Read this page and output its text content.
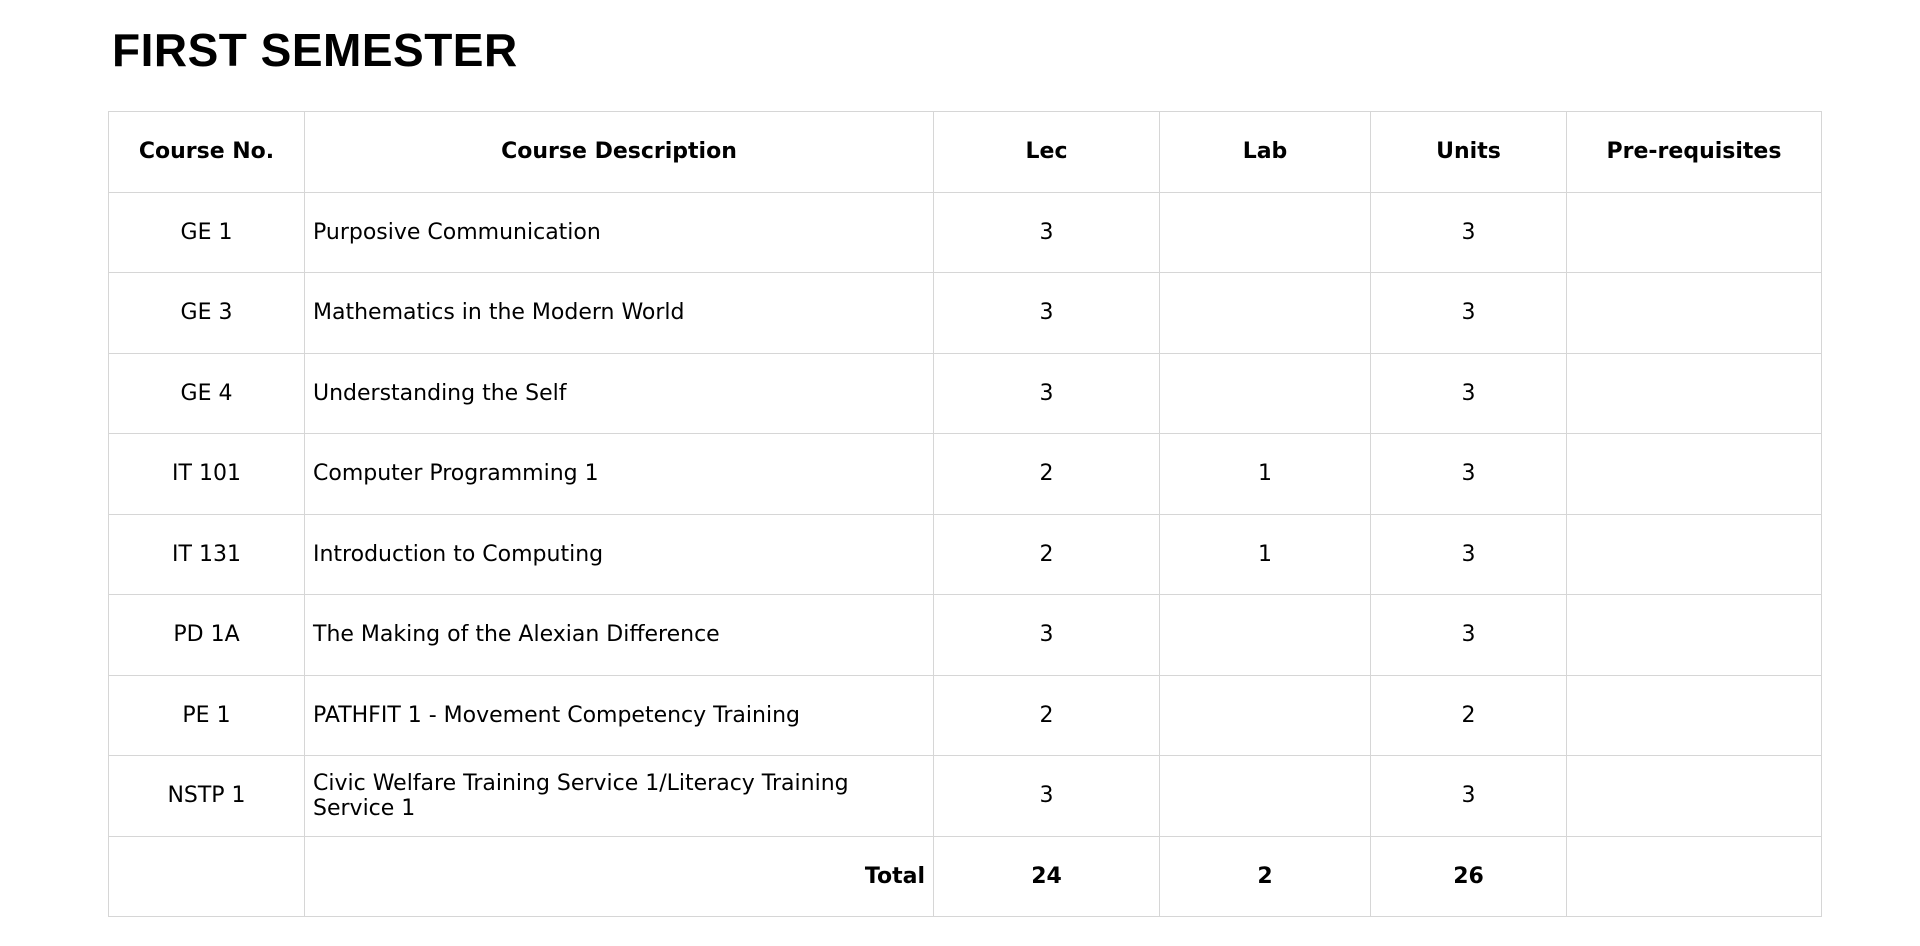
FIRST SEMESTER
Course No.	Course Description	Lec	Lab	Units	Pre-requisites
GE 1	Purposive Communication	3		3	
GE 3	Mathematics in the Modern World	3		3	
GE 4	Understanding the Self	3		3	
IT 101	Computer Programming 1	2	1	3	
IT 131	Introduction to Computing	2	1	3	
PD 1A	The Making of the Alexian Difference	3		3	
PE 1	PATHFIT 1 - Movement Competency Training	2		2	
NSTP 1	Civic Welfare Training Service 1/Literacy Training Service 1	3		3	
	Total	24	2	26	
